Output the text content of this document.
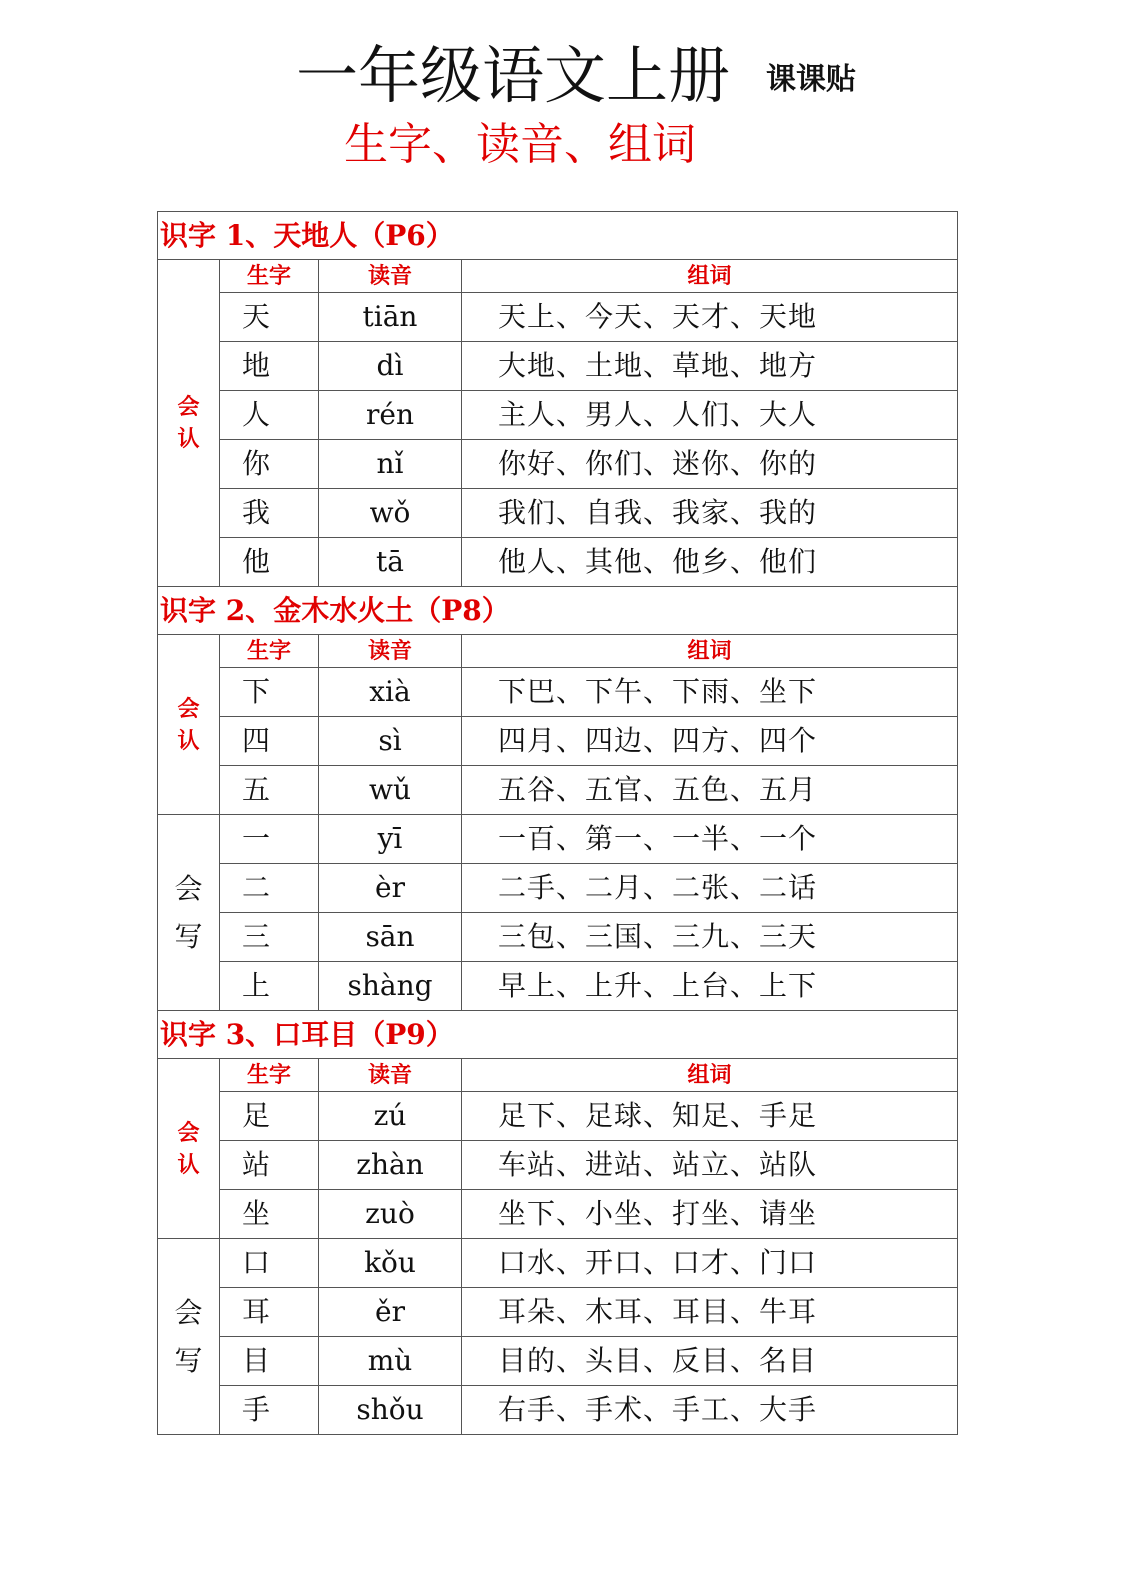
一年级语文上册 课课贴
生字、读音、组词
识字 1、天地人（P6）			

会
认	生字	读音	组词
	天	tiān	天上、今天、天才、天地
	地	dì	大地、土地、草地、地方
	人	rén	主人、男人、人们、大人
	你	nǐ	你好、你们、迷你、你的
	我	wǒ	我们、自我、我家、我的
	他	tā	他人、其他、他乡、他们
识字 2、金木水火土（P8）			

会
认	生字	读音	组词
	下	xià	下巴、下午、下雨、坐下
	四	sì	四月、四边、四方、四个
	五	wǔ	五谷、五官、五色、五月

会
写	一	yī	一百、第一、一半、一个
	二	èr	二手、二月、二张、二话
	三	sān	三包、三国、三九、三天
	上	shàng	早上、上升、上台、上下
识字 3、口耳目（P9）			

会
认	生字	读音	组词
	足	zú	足下、足球、知足、手足
	站	zhàn	车站、进站、站立、站队
	坐	zuò	坐下、小坐、打坐、请坐

会
写	口	kǒu	口水、开口、口才、门口
	耳	ěr	耳朵、木耳、耳目、牛耳
	目	mù	目的、头目、反目、名目
	手	shǒu	右手、手术、手工、大手
